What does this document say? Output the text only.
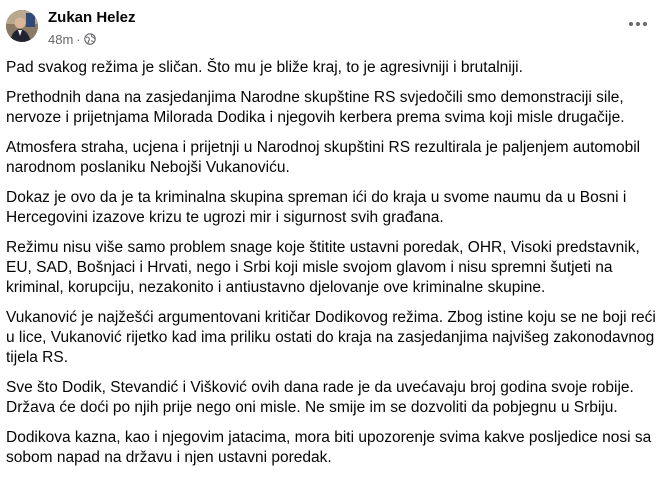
Zukan Helez
48m ·

Pad svakog režima je sličan. Što mu je bliže kraj, to je agresivniji i brutalniji.

Prethodnih dana na zasjedanjima Narodne skupštine RS svjedočili smo demonstraciji sile, nervoze i prijetnjama Milorada Dodika i njegovih kerbera prema svima koji misle drugačije.

Atmosfera straha, ucjena i prijetnji u Narodnoj skupštini RS rezultirala je paljenjem automobil narodnom poslaniku Nebojši Vukanoviću.

Dokaz je ovo da je ta kriminalna skupina spreman ići do kraja u svome naumu da u Bosni i Hercegovini izazove krizu te ugrozi mir i sigurnost svih građana.

Režimu nisu više samo problem snage koje štitite ustavni poredak, OHR, Visoki predstavnik, EU, SAD, Bošnjaci i Hrvati, nego i Srbi koji misle svojom glavom i nisu spremni šutjeti na kriminal, korupciju, nezakonito i antiustavno djelovanje ove kriminalne skupine.

Vukanović je najžešći argumentovani kritičar Dodikovog režima. Zbog istine koju se ne boji reći u lice, Vukanović rijetko kad ima priliku ostati do kraja na zasjedanjima najvišeg zakonodavnog tijela RS.

Sve što Dodik, Stevandić i Višković ovih dana rade je da uvećavaju broj godina svoje robije. Država će doći po njih prije nego oni misle. Ne smije im se dozvoliti da pobjegnu u Srbiju.

Dodikova kazna, kao i njegovim jatacima, mora biti upozorenje svima kakve posljedice nosi sa sobom napad na državu i njen ustavni poredak.
